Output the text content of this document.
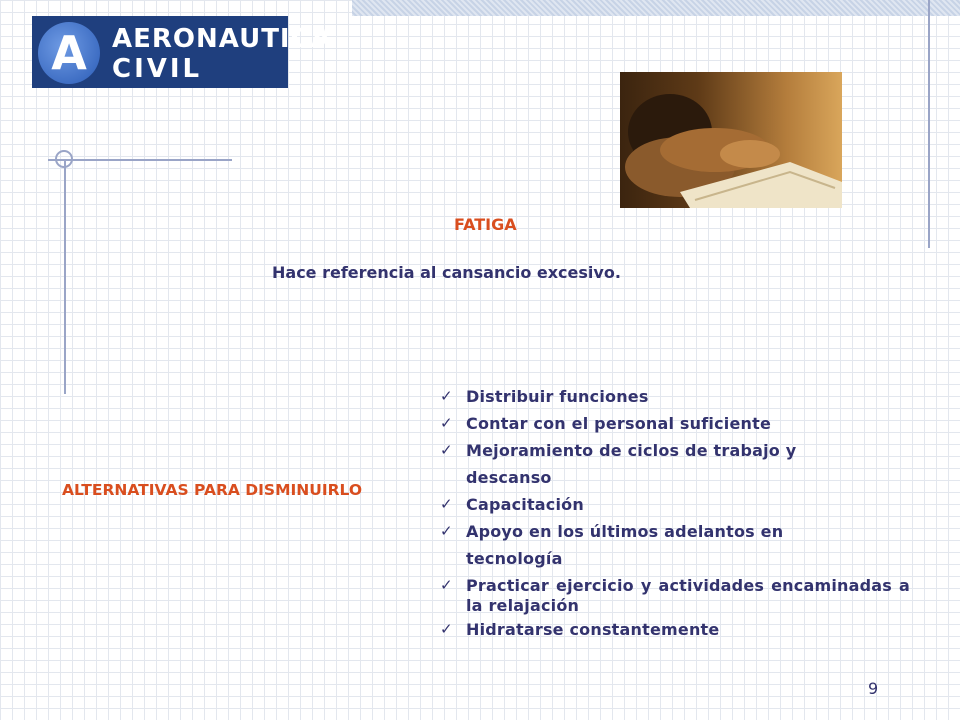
A AERONAUTICA
CIVIL
FATIGA
Hace referencia al cansancio excesivo.
ALTERNATIVAS PARA DISMINUIRLO
✓ Distribuir funciones
✓ Contar con el personal suficiente
✓ Mejoramiento de ciclos de trabajo y descanso
✓ Capacitación
✓ Apoyo en los últimos adelantos en tecnología
✓ Practicar ejercicio y actividades encaminadas a la relajación
✓ Hidratarse constantemente
9
